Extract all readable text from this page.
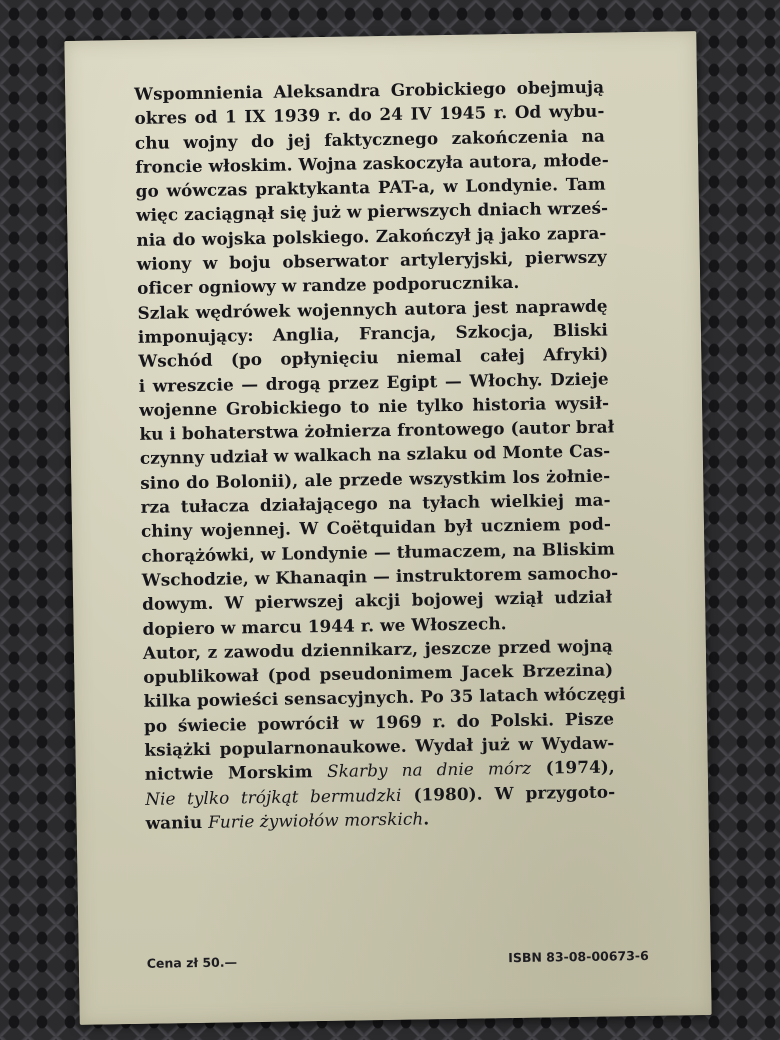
Wspomnienia Aleksandra Grobickiego obejmują
okres od 1 IX 1939 r. do 24 IV 1945 r. Od wybu-
chu wojny do jej faktycznego zakończenia na
froncie włoskim. Wojna zaskoczyła autora, młode-
go wówczas praktykanta PAT-a, w Londynie. Tam
więc zaciągnął się już w pierwszych dniach wrześ-
nia do wojska polskiego. Zakończył ją jako zapra-
wiony w boju obserwator artyleryjski, pierwszy
oficer ogniowy w randze podporucznika.
Szlak wędrówek wojennych autora jest naprawdę
imponujący: Anglia, Francja, Szkocja, Bliski
Wschód (po opłynięciu niemal całej Afryki)
i wreszcie — drogą przez Egipt — Włochy. Dzieje
wojenne Grobickiego to nie tylko historia wysił-
ku i bohaterstwa żołnierza frontowego (autor brał
czynny udział w walkach na szlaku od Monte Cas-
sino do Bolonii), ale przede wszystkim los żołnie-
rza tułacza działającego na tyłach wielkiej ma-
chiny wojennej. W Coëtquidan był uczniem pod-
chorążówki, w Londynie — tłumaczem, na Bliskim
Wschodzie, w Khanaqin — instruktorem samocho-
dowym. W pierwszej akcji bojowej wziął udział
dopiero w marcu 1944 r. we Włoszech.
Autor, z zawodu dziennikarz, jeszcze przed wojną
opublikował (pod pseudonimem Jacek Brzezina)
kilka powieści sensacyjnych. Po 35 latach włóczęgi
po świecie powrócił w 1969 r. do Polski. Pisze
książki popularnonaukowe. Wydał już w Wydaw-
nictwie Morskim Skarby na dnie mórz (1974),
Nie tylko trójkąt bermudzki (1980). W przygoto-
waniu Furie żywiołów morskich.
Cena zł 50.—	ISBN 83-08-00673-6
